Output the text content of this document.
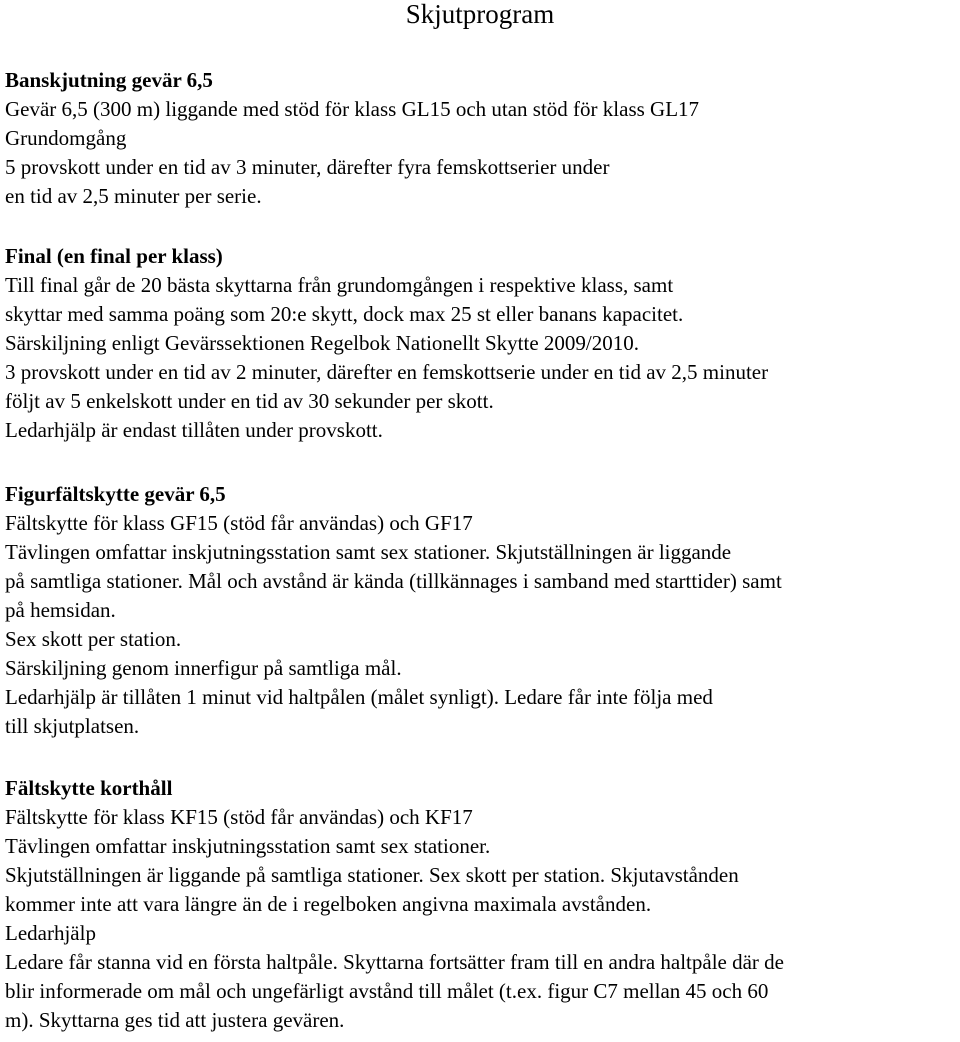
Skjutprogram
Banskjutning gevär 6,5
Gevär 6,5 (300 m) liggande med stöd för klass GL15 och utan stöd för klass GL17
Grundomgång
5 provskott under en tid av 3 minuter, därefter fyra femskottserier under
en tid av 2,5 minuter per serie.
Final (en final per klass)
Till final går de 20 bästa skyttarna från grundomgången i respektive klass, samt
skyttar med samma poäng som 20:e skytt, dock max 25 st eller banans kapacitet.
Särskiljning enligt Gevärssektionen Regelbok Nationellt Skytte 2009/2010.
3 provskott under en tid av 2 minuter, därefter en femskottserie under en tid av 2,5 minuter
följt av 5 enkelskott under en tid av 30 sekunder per skott.
Ledarhjälp är endast tillåten under provskott.
Figurfältskytte gevär 6,5
Fältskytte för klass GF15 (stöd får användas) och GF17
Tävlingen omfattar inskjutningsstation samt sex stationer. Skjutställningen är liggande
på samtliga stationer. Mål och avstånd är kända (tillkännages i samband med starttider) samt
på hemsidan.
Sex skott per station.
Särskiljning genom innerfigur på samtliga mål.
Ledarhjälp är tillåten 1 minut vid haltpålen (målet synligt). Ledare får inte följa med
till skjutplatsen.
Fältskytte korthåll
Fältskytte för klass KF15 (stöd får användas) och KF17
Tävlingen omfattar inskjutningsstation samt sex stationer.
Skjutställningen är liggande på samtliga stationer. Sex skott per station. Skjutavstånden
kommer inte att vara längre än de i regelboken angivna maximala avstånden.
Ledarhjälp
Ledare får stanna vid en första haltpåle. Skyttarna fortsätter fram till en andra haltpåle där de
blir informerade om mål och ungefärligt avstånd till målet (t.ex. figur C7 mellan 45 och 60
m). Skyttarna ges tid att justera gevären.
